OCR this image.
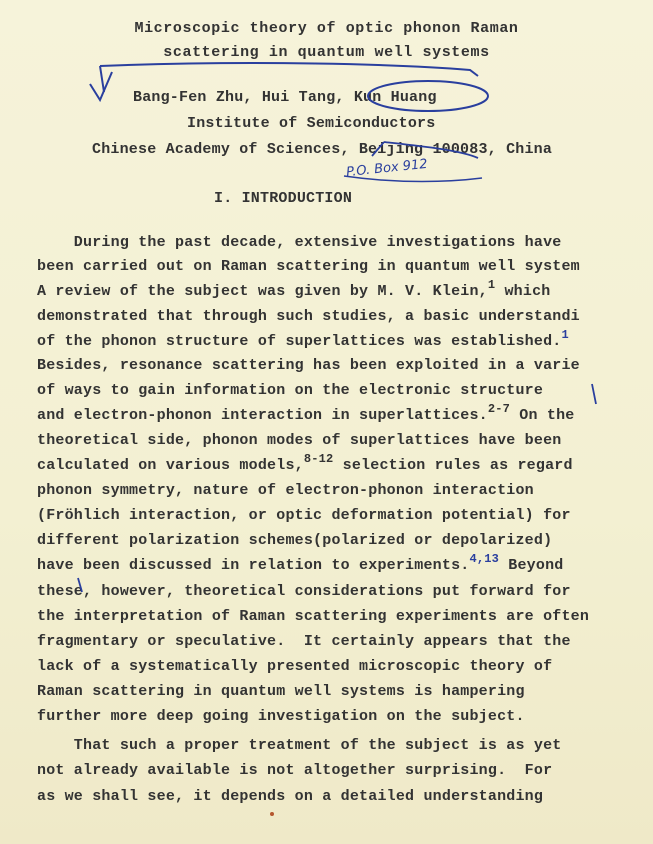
Microscopic theory of optic phonon Raman
scattering in quantum well systems
Bang-Fen Zhu, Hui Tang, Kun Huang
Institute of Semiconductors
Chinese Academy of Sciences, Beijing 100083, China
P.O. Box 912
I. INTRODUCTION
During the past decade, extensive investigations have
been carried out on Raman scattering in quantum well system
A review of the subject was given by M. V. Klein,$^1$ which
demonstrated that through such studies, a basic understandi
of the phonon structure of superlattices was established.$^1$
Besides, resonance scattering has been exploited in a varie
of ways to gain information on the electronic structure
and electron-phonon interaction in superlattices.$^{2-7}$ On the
theoretical side, phonon modes of superlattices have been
calculated on various models,$^{8-12}$ selection rules as regard
phonon symmetry, nature of electron-phonon interaction
(Fröhlich interaction, or optic deformation potential) for
different polarization schemes(polarized or depolarized)
have been discussed in relation to experiments.$^{4,13}$ Beyond
these, however, theoretical considerations put forward for
the interpretation of Raman scattering experiments are often
fragmentary or speculative.  It certainly appears that the
lack of a systematically presented microscopic theory of
Raman scattering in quantum well systems is hampering
further more deep going investigation on the subject.
That such a proper treatment of the subject is as yet
not already available is not altogether surprising.  For
as we shall see, it depends on a detailed understanding
